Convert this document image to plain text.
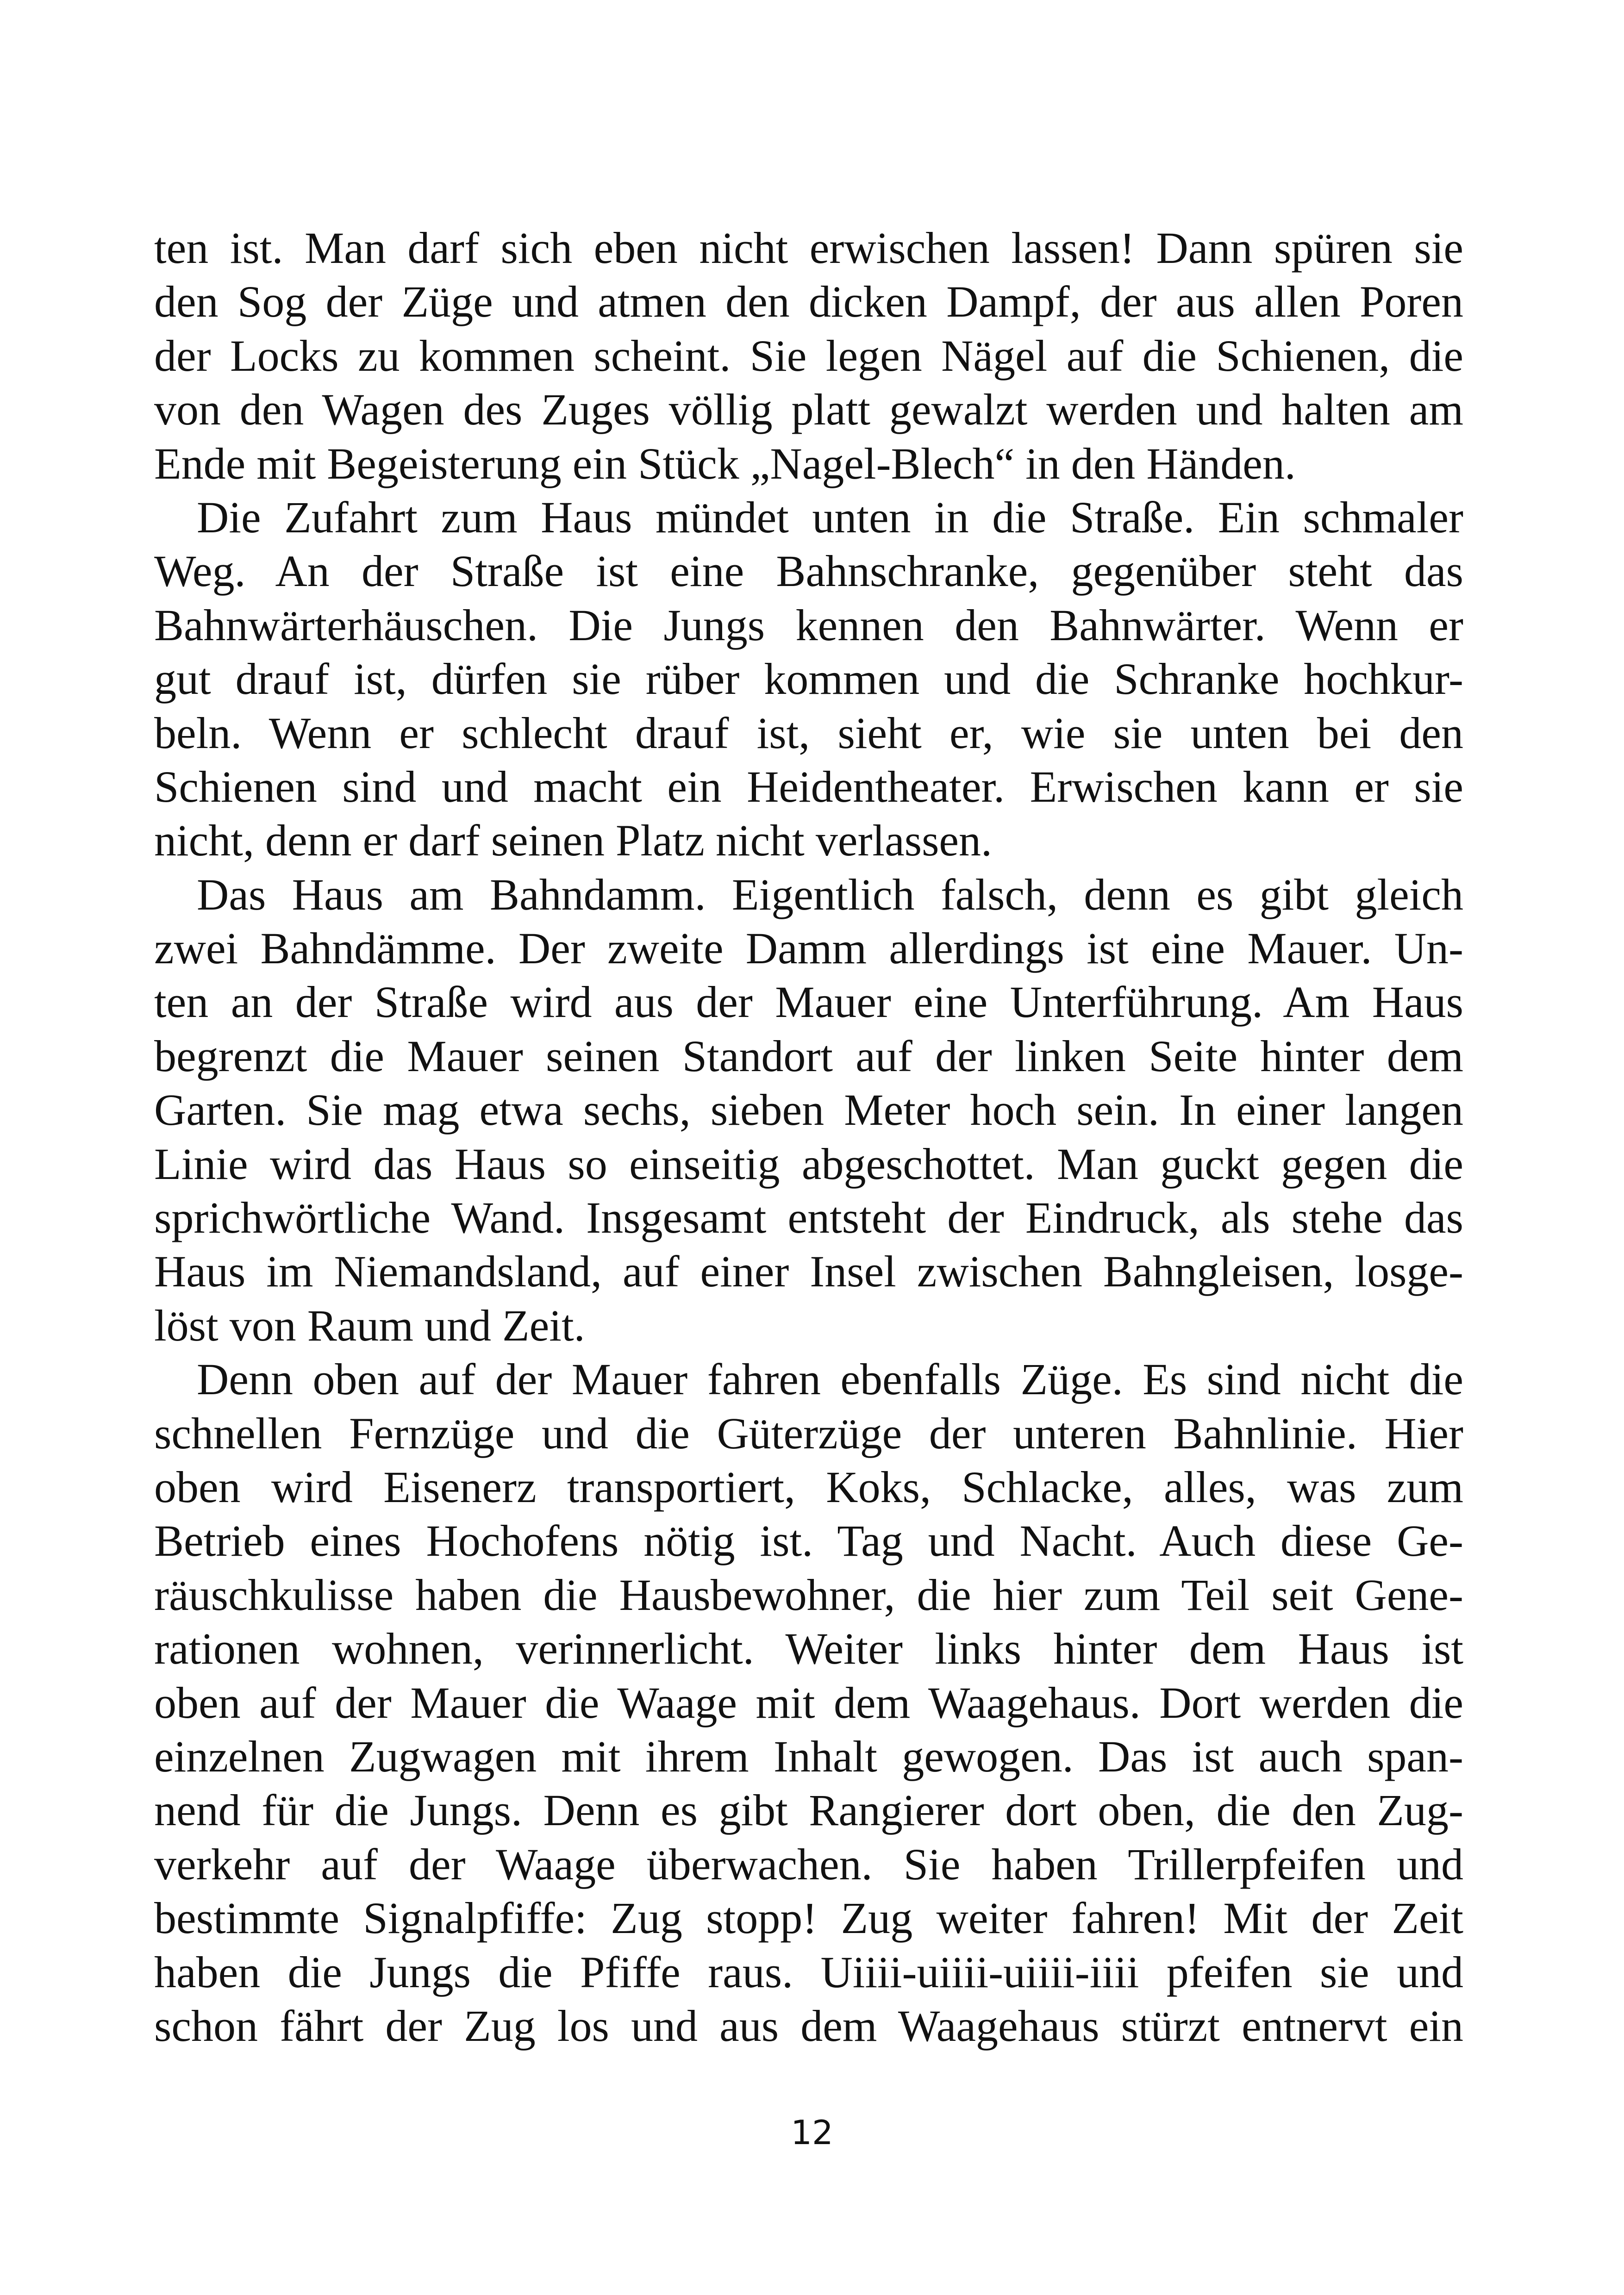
ten ist. Man darf sich eben nicht erwischen lassen! Dann spüren sie
den Sog der Züge und atmen den dicken Dampf, der aus allen Poren
der Locks zu kommen scheint. Sie legen Nägel auf die Schienen, die
von den Wagen des Zuges völlig platt gewalzt werden und halten am
Ende mit Begeisterung ein Stück „Nagel-Blech“ in den Händen.

Die Zufahrt zum Haus mündet unten in die Straße. Ein schmaler
Weg. An der Straße ist eine Bahnschranke, gegenüber steht das
Bahnwärterhäuschen. Die Jungs kennen den Bahnwärter. Wenn er
gut drauf ist, dürfen sie rüber kommen und die Schranke hochkur-
beln. Wenn er schlecht drauf ist, sieht er, wie sie unten bei den
Schienen sind und macht ein Heidentheater. Erwischen kann er sie
nicht, denn er darf seinen Platz nicht verlassen.

Das Haus am Bahndamm. Eigentlich falsch, denn es gibt gleich
zwei Bahndämme. Der zweite Damm allerdings ist eine Mauer. Un-
ten an der Straße wird aus der Mauer eine Unterführung. Am Haus
begrenzt die Mauer seinen Standort auf der linken Seite hinter dem
Garten. Sie mag etwa sechs, sieben Meter hoch sein. In einer langen
Linie wird das Haus so einseitig abgeschottet. Man guckt gegen die
sprichwörtliche Wand. Insgesamt entsteht der Eindruck, als stehe das
Haus im Niemandsland, auf einer Insel zwischen Bahngleisen, losge-
löst von Raum und Zeit.

Denn oben auf der Mauer fahren ebenfalls Züge. Es sind nicht die
schnellen Fernzüge und die Güterzüge der unteren Bahnlinie. Hier
oben wird Eisenerz transportiert, Koks, Schlacke, alles, was zum
Betrieb eines Hochofens nötig ist. Tag und Nacht. Auch diese Ge-
räuschkulisse haben die Hausbewohner, die hier zum Teil seit Gene-
rationen wohnen, verinnerlicht. Weiter links hinter dem Haus ist
oben auf der Mauer die Waage mit dem Waagehaus. Dort werden die
einzelnen Zugwagen mit ihrem Inhalt gewogen. Das ist auch span-
nend für die Jungs. Denn es gibt Rangierer dort oben, die den Zug-
verkehr auf der Waage überwachen. Sie haben Trillerpfeifen und
bestimmte Signalpfiffe: Zug stopp! Zug weiter fahren! Mit der Zeit
haben die Jungs die Pfiffe raus. Uiiii-uiiii-uiiii-iiii pfeifen sie und
schon fährt der Zug los und aus dem Waagehaus stürzt entnervt ein

12
